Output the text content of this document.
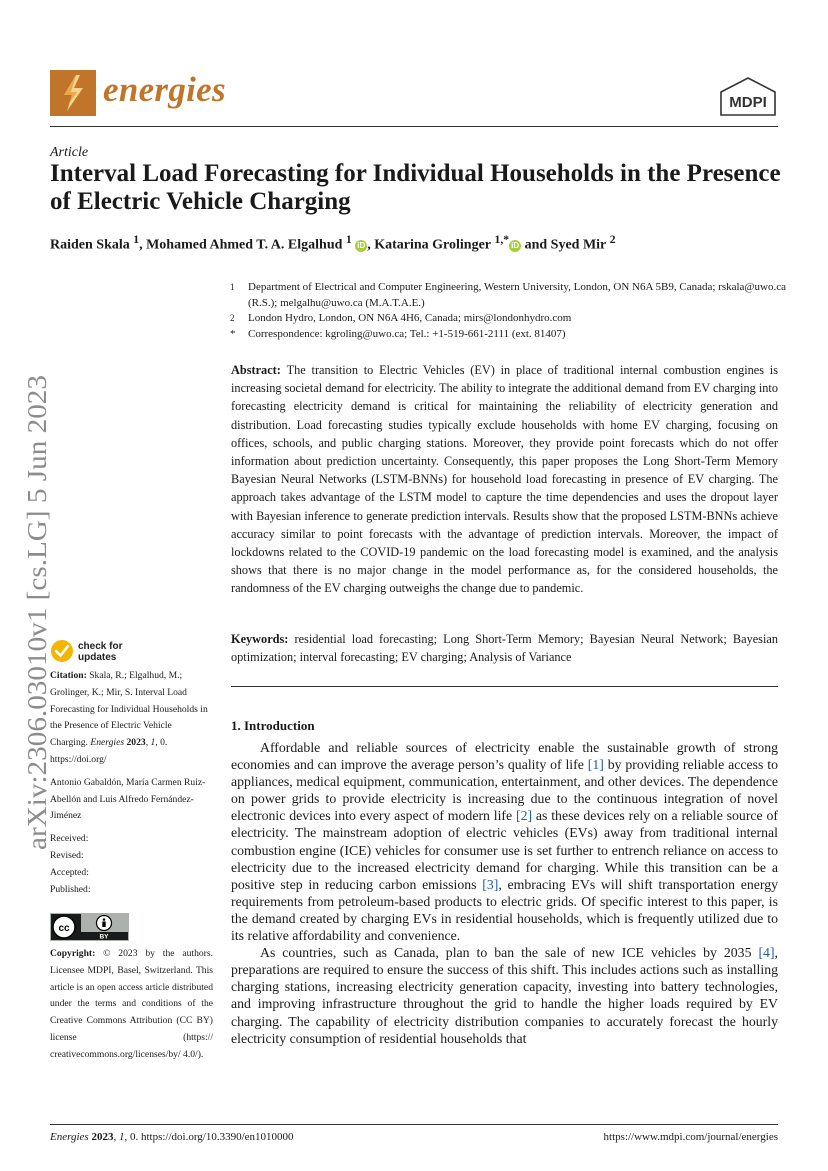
energies	MDPI
Article
Interval Load Forecasting for Individual Households in the Presence of Electric Vehicle Charging
Raiden Skala $^1$, Mohamed Ahmed T. A. Elgalhud $^1$ iD , Katarina Grolinger $^{1,*}$ iD and Syed Mir $^2$
1	Department of Electrical and Computer Engineering, Western University, London, ON N6A 5B9, Canada; rskala@uwo.ca (R.S.); melgalhu@uwo.ca (M.A.T.A.E.)
2	London Hydro, London, ON N6A 4H6, Canada; mirs@londonhydro.com
*	Correspondence: kgroling@uwo.ca; Tel.: +1-519-661-2111 (ext. 81407)
Abstract: The transition to Electric Vehicles (EV) in place of traditional internal combustion engines is increasing societal demand for electricity. The ability to integrate the additional demand from EV charging into forecasting electricity demand is critical for maintaining the reliability of electricity generation and distribution. Load forecasting studies typically exclude households with home EV charging, focusing on offices, schools, and public charging stations. Moreover, they provide point forecasts which do not offer information about prediction uncertainty. Consequently, this paper proposes the Long Short-Term Memory Bayesian Neural Networks (LSTM-BNNs) for household load forecasting in presence of EV charging. The approach takes advantage of the LSTM model to capture the time dependencies and uses the dropout layer with Bayesian inference to generate prediction intervals. Results show that the proposed LSTM-BNNs achieve accuracy similar to point forecasts with the advantage of prediction intervals. Moreover, the impact of lockdowns related to the COVID-19 pandemic on the load forecasting model is examined, and the analysis shows that there is no major change in the model performance as, for the considered households, the randomness of the EV charging outweighs the change due to pandemic.
Keywords: residential load forecasting; Long Short-Term Memory; Bayesian Neural Network; Bayesian optimization; interval forecasting; EV charging; Analysis of Variance
arXiv:2306.03010v1 [cs.LG] 5 Jun 2023	check for
updates

Citation: Skala, R.; Elgalhud, M.; Grolinger, K.; Mir, S. Interval Load Forecasting for Individual Households in the Presence of Electric Vehicle Charging. Energies 2023, 1, 0. https://doi.org/

Antonio Gabaldón, María Carmen Ruiz-Abellón and Luis Alfredo Fernández-Jiménez

Received:
Revised:
Accepted:
Published:

cc
BY
Copyright: © 2023 by the authors. Licensee MDPI, Basel, Switzerland. This article is an open access article distributed under the terms and conditions of the Creative Commons Attribution (CC BY) license (https:// creativecommons.org/licenses/by/ 4.0/).
1. Introduction

Affordable and reliable sources of electricity enable the sustainable growth of strong economies and can improve the average person’s quality of life [1] by providing reliable access to appliances, medical equipment, communication, entertainment, and other devices. The dependence on power grids to provide electricity is increasing due to the continuous integration of novel electronic devices into every aspect of modern life [2] as these devices rely on a reliable source of electricity. The mainstream adoption of electric vehicles (EVs) away from traditional internal combustion engine (ICE) vehicles for consumer use is set further to entrench reliance on access to electricity due to the increased electricity demand for charging. While this transition can be a positive step in reducing carbon emissions [3], embracing EVs will shift transportation energy requirements from petroleum-based products to electric grids. Of specific interest to this paper, is the demand created by charging EVs in residential households, which is frequently utilized due to its relative affordability and convenience.

As countries, such as Canada, plan to ban the sale of new ICE vehicles by 2035 [4], preparations are required to ensure the success of this shift. This includes actions such as installing charging stations, increasing electricity generation capacity, investing into battery technologies, and improving infrastructure throughout the grid to handle the higher loads required by EV charging. The capability of electricity distribution companies to accurately forecast the hourly electricity consumption of residential households that

Energies 2023, 1, 0. https://doi.org/10.3390/en1010000	https://www.mdpi.com/journal/energies
